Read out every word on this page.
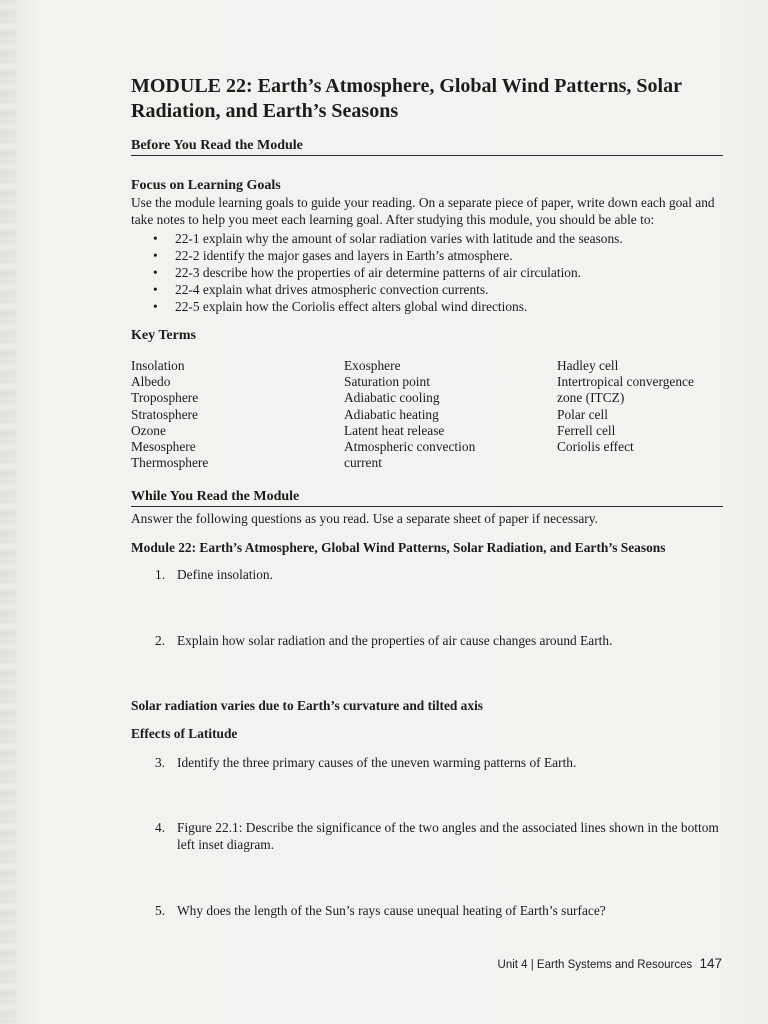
MODULE 22: Earth’s Atmosphere, Global Wind Patterns, Solar Radiation, and Earth’s Seasons
Before You Read the Module
Focus on Learning Goals
Use the module learning goals to guide your reading. On a separate piece of paper, write down each goal and take notes to help you meet each learning goal. After studying this module, you should be able to:
• 22-1 explain why the amount of solar radiation varies with latitude and the seasons.
• 22-2 identify the major gases and layers in Earth’s atmosphere.
• 22-3 describe how the properties of air determine patterns of air circulation.
• 22-4 explain what drives atmospheric convection currents.
• 22-5 explain how the Coriolis effect alters global wind directions.
Key Terms
Insolation
Albedo
Troposphere
Stratosphere
Ozone
Mesosphere
Thermosphere
Exosphere
Saturation point
Adiabatic cooling
Adiabatic heating
Latent heat release
Atmospheric convection
current
Hadley cell
Intertropical convergence
zone (ITCZ)
Polar cell
Ferrell cell
Coriolis effect
While You Read the Module
Answer the following questions as you read. Use a separate sheet of paper if necessary.
Module 22: Earth’s Atmosphere, Global Wind Patterns, Solar Radiation, and Earth’s Seasons
1. Define insolation.
2. Explain how solar radiation and the properties of air cause changes around Earth.
Solar radiation varies due to Earth’s curvature and tilted axis
Effects of Latitude
3. Identify the three primary causes of the uneven warming patterns of Earth.
4. Figure 22.1: Describe the significance of the two angles and the associated lines shown in the bottom left inset diagram.
5. Why does the length of the Sun’s rays cause unequal heating of Earth’s surface?
Unit 4 | Earth Systems and Resources 147
